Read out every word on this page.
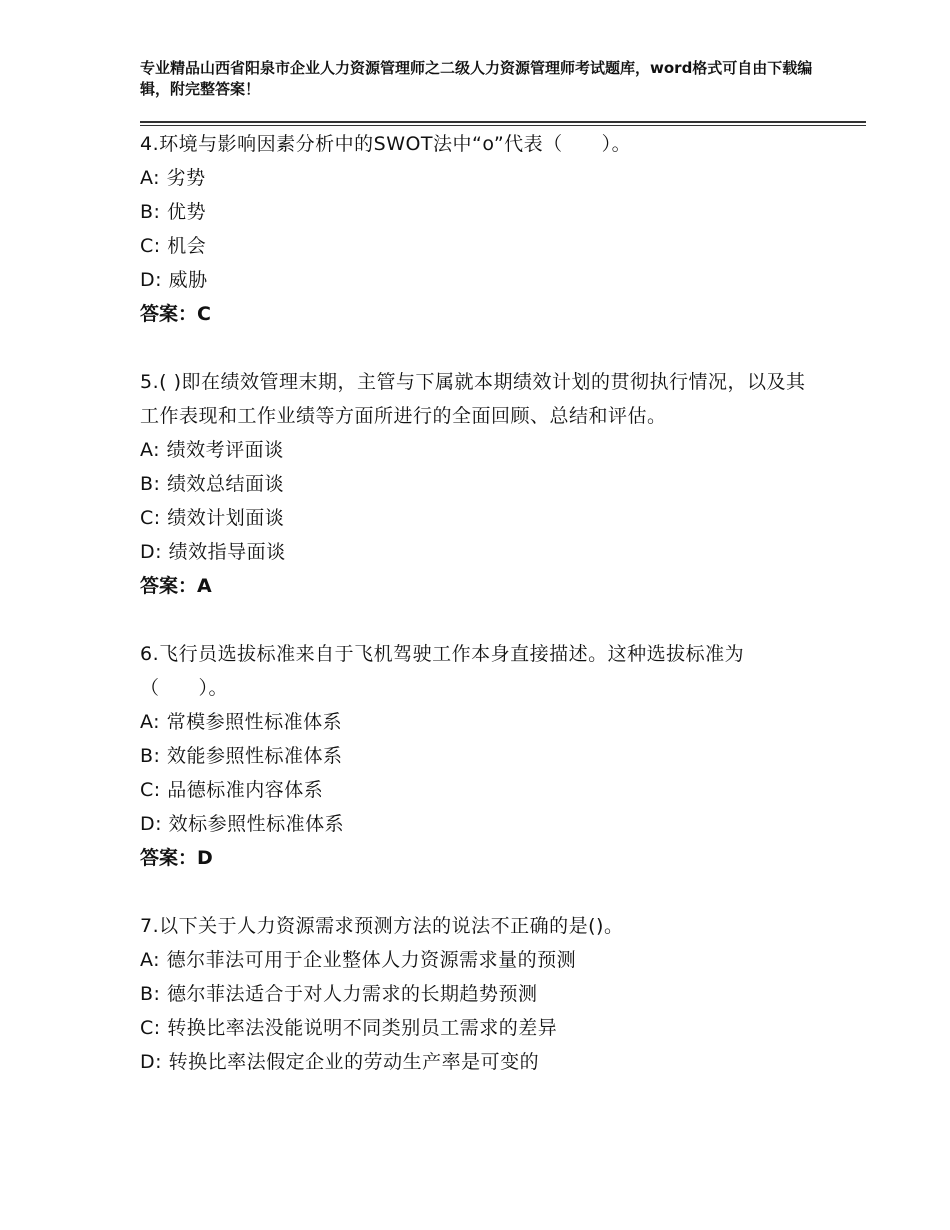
专业精品山西省阳泉市企业人力资源管理师之二级人力资源管理师考试题库，word格式可自由下载编辑，附完整答案！
4.环境与影响因素分析中的SWOT法中“o”代表（　　）。
A: 劣势
B: 优势
C: 机会
D: 威胁
答案：C
5.( )即在绩效管理末期，主管与下属就本期绩效计划的贯彻执行情况，以及其工作表现和工作业绩等方面所进行的全面回顾、总结和评估。
A: 绩效考评面谈
B: 绩效总结面谈
C: 绩效计划面谈
D: 绩效指导面谈
答案：A
6.飞行员选拔标准来自于飞机驾驶工作本身直接描述。这种选拔标准为（　　）。
A: 常模参照性标准体系
B: 效能参照性标准体系
C: 品德标准内容体系
D: 效标参照性标准体系
答案：D
7.以下关于人力资源需求预测方法的说法不正确的是()。
A: 德尔菲法可用于企业整体人力资源需求量的预测
B: 德尔菲法适合于对人力需求的长期趋势预测
C: 转换比率法没能说明不同类别员工需求的差异
D: 转换比率法假定企业的劳动生产率是可变的
